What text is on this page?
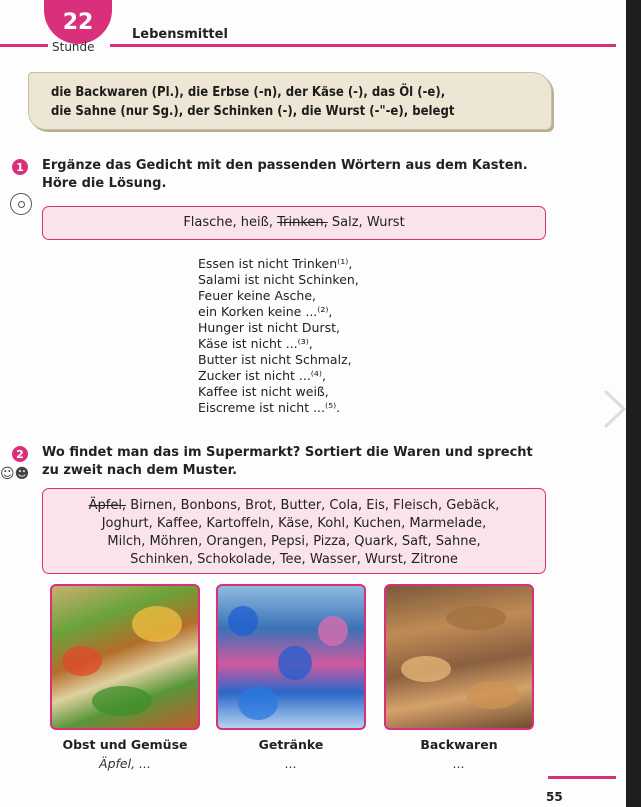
22
Stunde
Lebensmittel

die Backwaren (Pl.), die Erbse (-n), der Käse (-), das Öl (-e),

die Sahne (nur Sg.), der Schinken (-), die Wurst (-"-e), belegt

1	Ergänze das Gedicht mit den passenden Wörtern aus dem Kasten. Höre die Lösung.
Flasche, heiß, Trinken, Salz, Wurst
Essen ist nicht Trinken⁽¹⁾,
Salami ist nicht Schinken,
Feuer keine Asche,
ein Korken keine ...⁽²⁾,
Hunger ist nicht Durst,
Käse ist nicht ...⁽³⁾,
Butter ist nicht Schmalz,
Zucker ist nicht ...⁽⁴⁾,
Kaffee ist nicht weiß,
Eiscreme ist nicht ...⁽⁵⁾.
2	Wo findet man das im Supermarkt? Sortiert die Waren und sprecht zu zweit nach dem Muster.
☺☻
Äpfel, Birnen, Bonbons, Brot, Butter, Cola, Eis, Fleisch, Gebäck,
Joghurt, Kaffee, Kartoffeln, Käse, Kohl, Kuchen, Marmelade,
Milch, Möhren, Orangen, Pepsi, Pizza, Quark, Saft, Sahne,
Schinken, Schokolade, Tee, Wasser, Wurst, Zitrone
Obst und Gemüse	Getränke	Backwaren
Äpfel, ...	...	...
55
